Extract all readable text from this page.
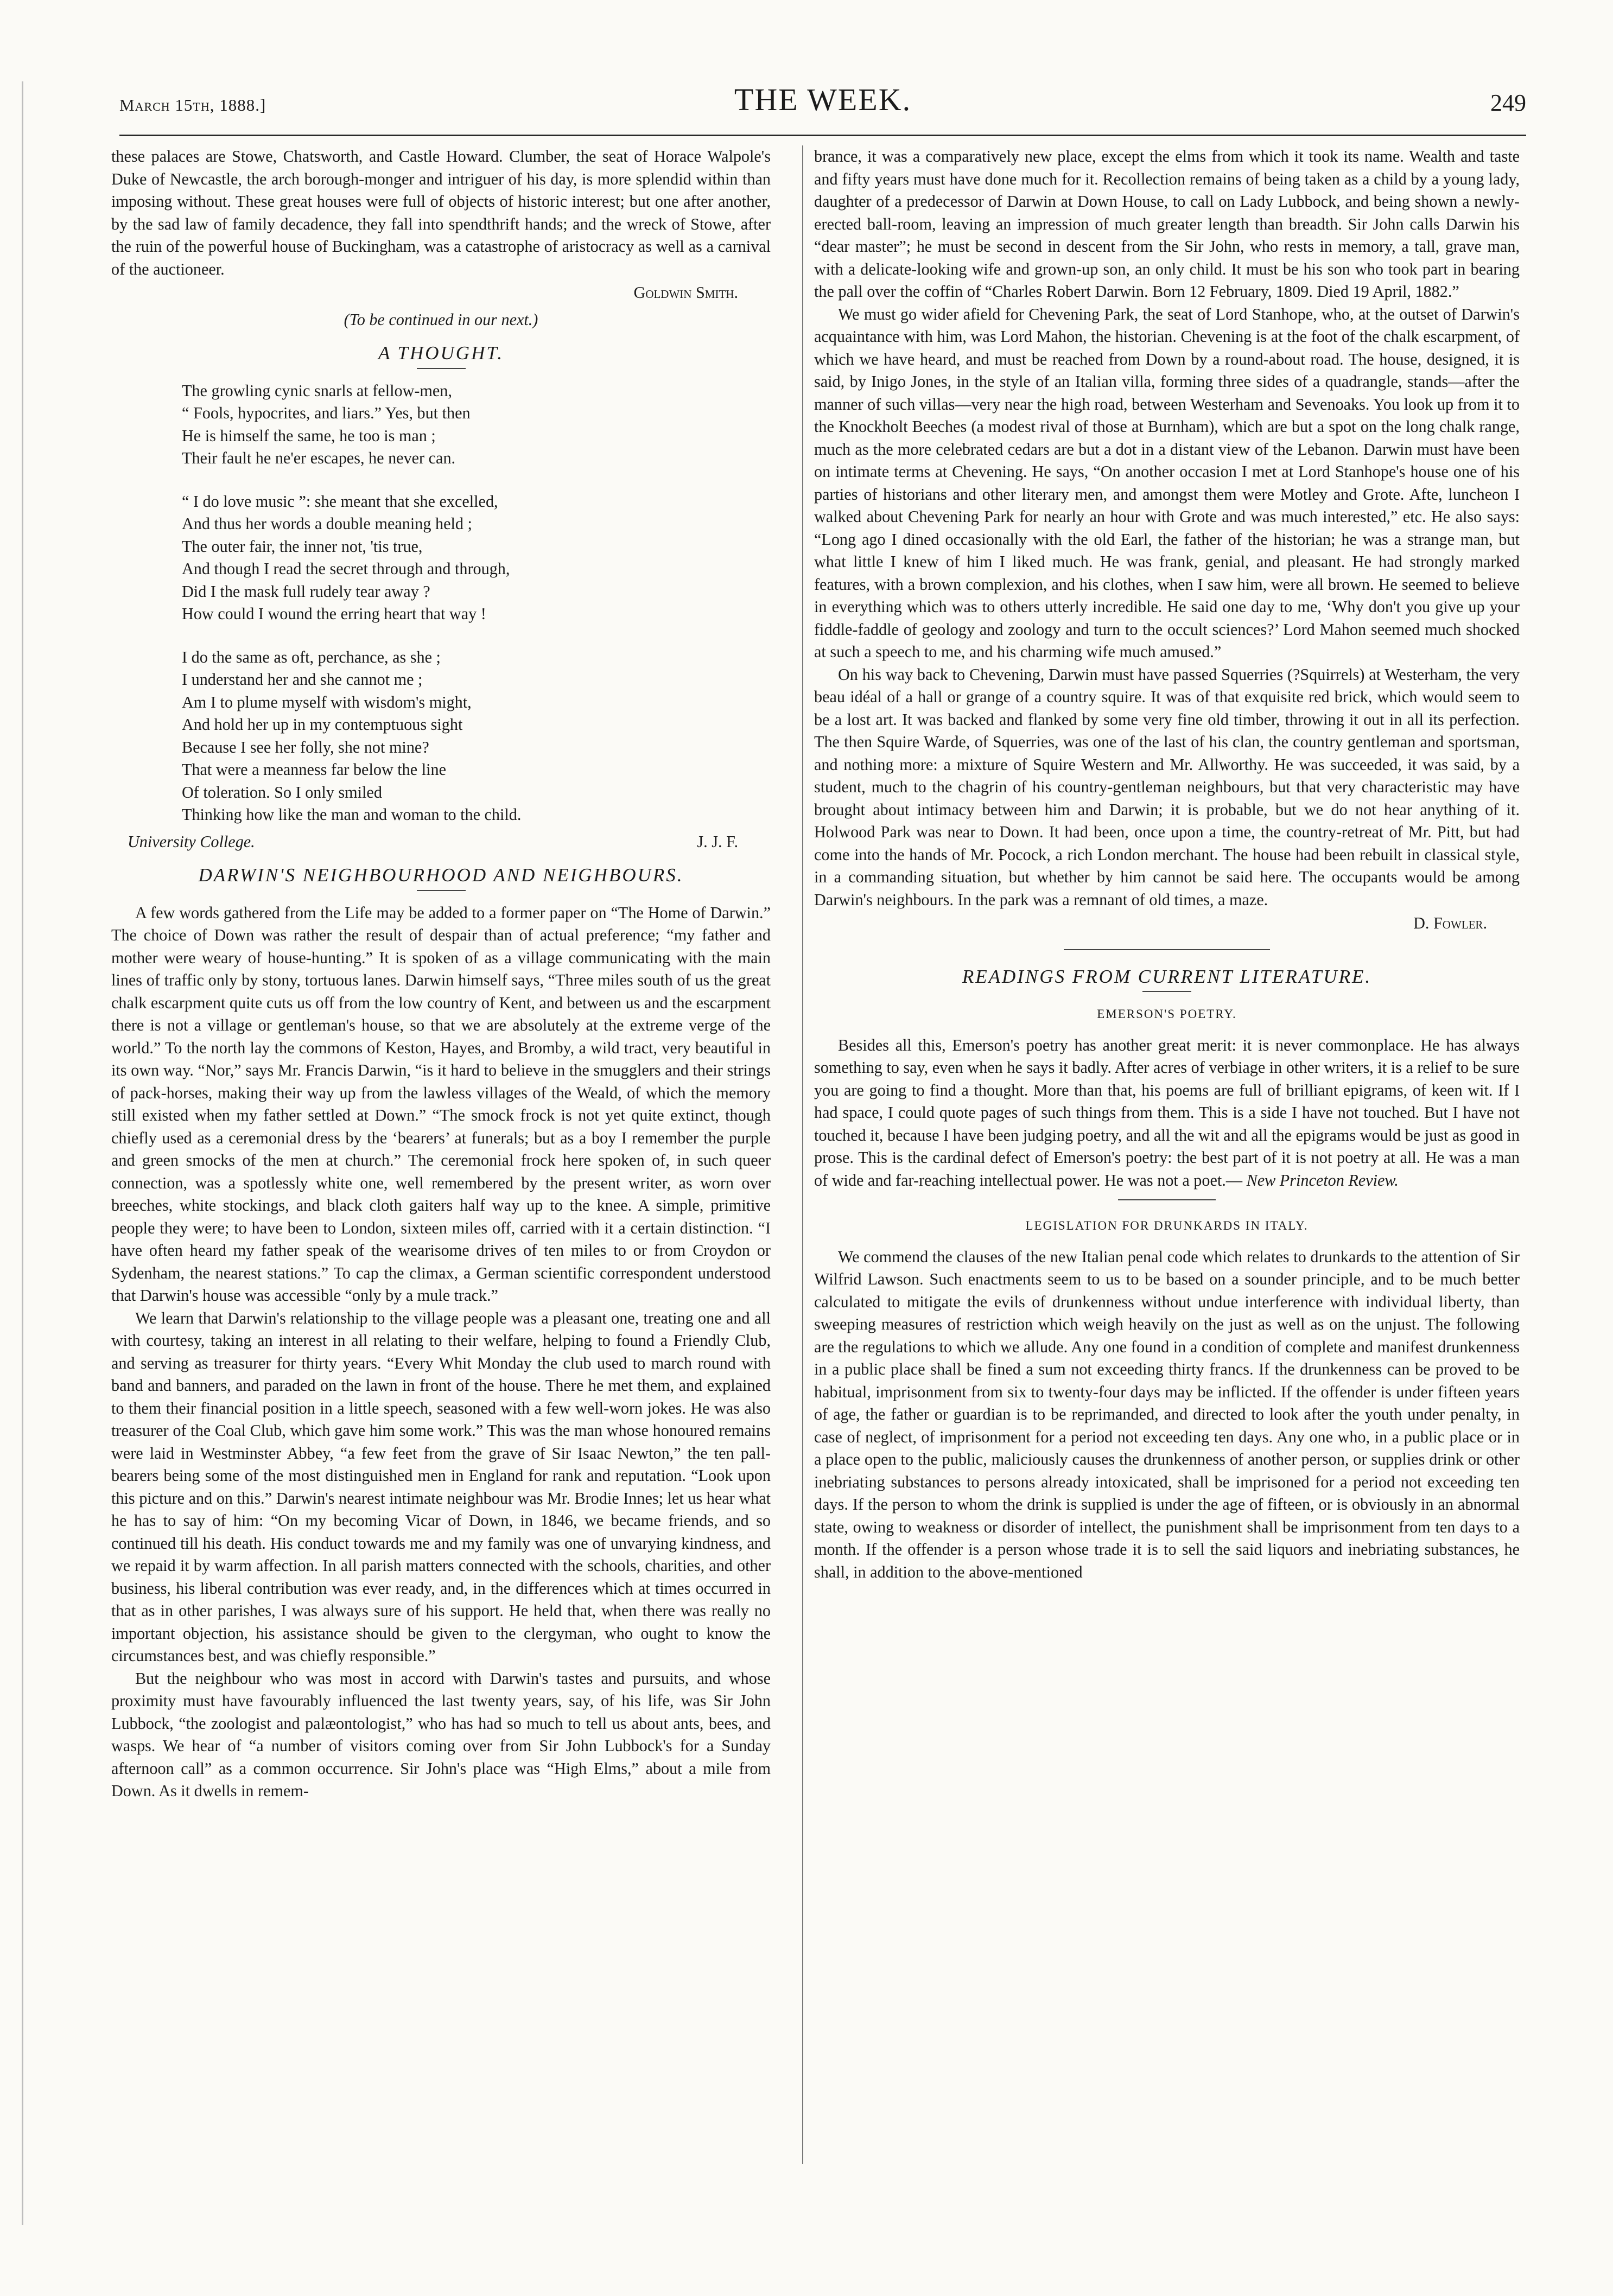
March 15th, 1888.]	THE WEEK.	249

these palaces are Stowe, Chatsworth, and Castle Howard. Clumber, the seat of Horace Walpole's Duke of Newcastle, the arch borough-monger and intriguer of his day, is more splendid within than imposing without. These great houses were full of objects of historic interest; but one after another, by the sad law of family decadence, they fall into spendthrift hands; and the wreck of Stowe, after the ruin of the powerful house of Buckingham, was a catastrophe of aristocracy as well as a carnival of the auctioneer.

Goldwin Smith.
(To be continued in our next.)
A THOUGHT.
The growling cynic snarls at fellow-men,
“ Fools, hypocrites, and liars.” Yes, but then
He is himself the same, he too is man ;
Their fault he ne'er escapes, he never can.
“ I do love music ”: she meant that she excelled,
And thus her words a double meaning held ;
The outer fair, the inner not, 'tis true,
And though I read the secret through and through,
Did I the mask full rudely tear away ?
How could I wound the erring heart that way !
I do the same as oft, perchance, as she ;
I understand her and she cannot me ;
Am I to plume myself with wisdom's might,
And hold her up in my contemptuous sight
Because I see her folly, she not mine?
That were a meanness far below the line
Of toleration. So I only smiled
Thinking how like the man and woman to the child.
University College.	J. J. F.
DARWIN'S NEIGHBOURHOOD AND NEIGHBOURS.

A few words gathered from the Life may be added to a former paper on “The Home of Darwin.” The choice of Down was rather the result of despair than of actual preference; “my father and mother were weary of house-hunting.” It is spoken of as a village communicating with the main lines of traffic only by stony, tortuous lanes. Darwin himself says, “Three miles south of us the great chalk escarpment quite cuts us off from the low country of Kent, and between us and the escarpment there is not a village or gentleman's house, so that we are absolutely at the extreme verge of the world.” To the north lay the commons of Keston, Hayes, and Bromby, a wild tract, very beautiful in its own way. “Nor,” says Mr. Francis Darwin, “is it hard to believe in the smugglers and their strings of pack-horses, making their way up from the lawless villages of the Weald, of which the memory still existed when my father settled at Down.” “The smock frock is not yet quite extinct, though chiefly used as a ceremonial dress by the ‘bearers’ at funerals; but as a boy I remember the purple and green smocks of the men at church.” The ceremonial frock here spoken of, in such queer connection, was a spotlessly white one, well remembered by the present writer, as worn over breeches, white stockings, and black cloth gaiters half way up to the knee. A simple, primitive people they were; to have been to London, sixteen miles off, carried with it a certain distinction. “I have often heard my father speak of the wearisome drives of ten miles to or from Croydon or Sydenham, the nearest stations.” To cap the climax, a German scientific correspondent understood that Darwin's house was accessible “only by a mule track.”

We learn that Darwin's relationship to the village people was a pleasant one, treating one and all with courtesy, taking an interest in all relating to their welfare, helping to found a Friendly Club, and serving as treasurer for thirty years. “Every Whit Monday the club used to march round with band and banners, and paraded on the lawn in front of the house. There he met them, and explained to them their financial position in a little speech, seasoned with a few well-worn jokes. He was also treasurer of the Coal Club, which gave him some work.” This was the man whose honoured remains were laid in Westminster Abbey, “a few feet from the grave of Sir Isaac Newton,” the ten pall-bearers being some of the most distinguished men in England for rank and reputation. “Look upon this picture and on this.” Darwin's nearest intimate neighbour was Mr. Brodie Innes; let us hear what he has to say of him: “On my becoming Vicar of Down, in 1846, we became friends, and so continued till his death. His conduct towards me and my family was one of unvarying kindness, and we repaid it by warm affection. In all parish matters connected with the schools, charities, and other business, his liberal contribution was ever ready, and, in the differences which at times occurred in that as in other parishes, I was always sure of his support. He held that, when there was really no important objection, his assistance should be given to the clergyman, who ought to know the circumstances best, and was chiefly responsible.”

But the neighbour who was most in accord with Darwin's tastes and pursuits, and whose proximity must have favourably influenced the last twenty years, say, of his life, was Sir John Lubbock, “the zoologist and palæontologist,” who has had so much to tell us about ants, bees, and wasps. We hear of “a number of visitors coming over from Sir John Lubbock's for a Sunday afternoon call” as a common occurrence. Sir John's place was “High Elms,” about a mile from Down. As it dwells in remem-

brance, it was a comparatively new place, except the elms from which it took its name. Wealth and taste and fifty years must have done much for it. Recollection remains of being taken as a child by a young lady, daughter of a predecessor of Darwin at Down House, to call on Lady Lubbock, and being shown a newly-erected ball-room, leaving an impression of much greater length than breadth. Sir John calls Darwin his “dear master”; he must be second in descent from the Sir John, who rests in memory, a tall, grave man, with a delicate-looking wife and grown-up son, an only child. It must be his son who took part in bearing the pall over the coffin of “Charles Robert Darwin. Born 12 February, 1809. Died 19 April, 1882.”

We must go wider afield for Chevening Park, the seat of Lord Stanhope, who, at the outset of Darwin's acquaintance with him, was Lord Mahon, the historian. Chevening is at the foot of the chalk escarpment, of which we have heard, and must be reached from Down by a round-about road. The house, designed, it is said, by Inigo Jones, in the style of an Italian villa, forming three sides of a quadrangle, stands—after the manner of such villas—very near the high road, between Westerham and Sevenoaks. You look up from it to the Knockholt Beeches (a modest rival of those at Burnham), which are but a spot on the long chalk range, much as the more celebrated cedars are but a dot in a distant view of the Lebanon. Darwin must have been on intimate terms at Chevening. He says, “On another occasion I met at Lord Stanhope's house one of his parties of historians and other literary men, and amongst them were Motley and Grote. Afte, luncheon I walked about Chevening Park for nearly an hour with Grote and was much interested,” etc. He also says: “Long ago I dined occasionally with the old Earl, the father of the historian; he was a strange man, but what little I knew of him I liked much. He was frank, genial, and pleasant. He had strongly marked features, with a brown complexion, and his clothes, when I saw him, were all brown. He seemed to believe in everything which was to others utterly incredible. He said one day to me, ‘Why don't you give up your fiddle-faddle of geology and zoology and turn to the occult sciences?’ Lord Mahon seemed much shocked at such a speech to me, and his charming wife much amused.”

On his way back to Chevening, Darwin must have passed Squerries (?Squirrels) at Westerham, the very beau idéal of a hall or grange of a country squire. It was of that exquisite red brick, which would seem to be a lost art. It was backed and flanked by some very fine old timber, throwing it out in all its perfection. The then Squire Warde, of Squerries, was one of the last of his clan, the country gentleman and sportsman, and nothing more: a mixture of Squire Western and Mr. Allworthy. He was succeeded, it was said, by a student, much to the chagrin of his country-gentleman neighbours, but that very characteristic may have brought about intimacy between him and Darwin; it is probable, but we do not hear anything of it. Holwood Park was near to Down. It had been, once upon a time, the country-retreat of Mr. Pitt, but had come into the hands of Mr. Pocock, a rich London merchant. The house had been rebuilt in classical style, in a commanding situation, but whether by him cannot be said here. The occupants would be among Darwin's neighbours. In the park was a remnant of old times, a maze.

D. Fowler.
READINGS FROM CURRENT LITERATURE.
EMERSON'S POETRY.

Besides all this, Emerson's poetry has another great merit: it is never commonplace. He has always something to say, even when he says it badly. After acres of verbiage in other writers, it is a relief to be sure you are going to find a thought. More than that, his poems are full of brilliant epigrams, of keen wit. If I had space, I could quote pages of such things from them. This is a side I have not touched. But I have not touched it, because I have been judging poetry, and all the wit and all the epigrams would be just as good in prose. This is the cardinal defect of Emerson's poetry: the best part of it is not poetry at all. He was a man of wide and far-reaching intellectual power. He was not a poet.— New Princeton Review.

LEGISLATION FOR DRUNKARDS IN ITALY.

We commend the clauses of the new Italian penal code which relates to drunkards to the attention of Sir Wilfrid Lawson. Such enactments seem to us to be based on a sounder principle, and to be much better calculated to mitigate the evils of drunkenness without undue interference with individual liberty, than sweeping measures of restriction which weigh heavily on the just as well as on the unjust. The following are the regulations to which we allude. Any one found in a condition of complete and manifest drunkenness in a public place shall be fined a sum not exceeding thirty francs. If the drunkenness can be proved to be habitual, imprisonment from six to twenty-four days may be inflicted. If the offender is under fifteen years of age, the father or guardian is to be reprimanded, and directed to look after the youth under penalty, in case of neglect, of imprisonment for a period not exceeding ten days. Any one who, in a public place or in a place open to the public, maliciously causes the drunkenness of another person, or supplies drink or other inebriating substances to persons already intoxicated, shall be imprisoned for a period not exceeding ten days. If the person to whom the drink is supplied is under the age of fifteen, or is obviously in an abnormal state, owing to weakness or disorder of intellect, the punishment shall be imprisonment from ten days to a month. If the offender is a person whose trade it is to sell the said liquors and inebriating substances, he shall, in addition to the above-mentioned
